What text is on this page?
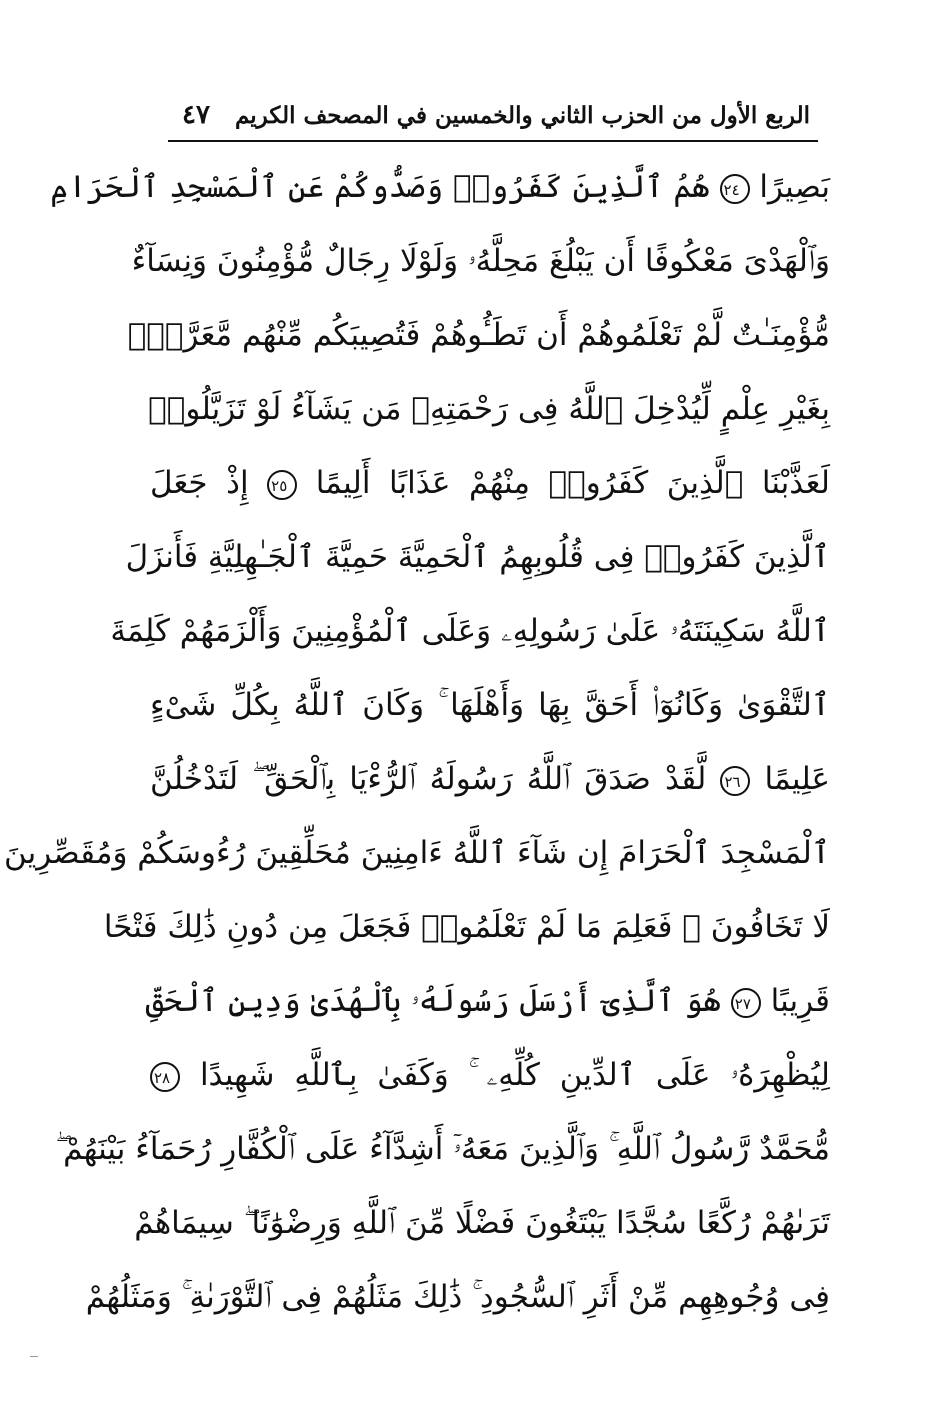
الربع الأول من الحزب الثاني والخمسين في المصحف الكريم
٤٧
بَصِيرًا ٢٤ هُمُ ٱلَّذِينَ كَفَرُوا۟ وَصَدُّوكُمْ عَنِ ٱلْمَسْجِدِ ٱلْحَرَامِ
وَٱلْهَدْىَ مَعْكُوفًا أَن يَبْلُغَ مَحِلَّهُۥ وَلَوْلَا رِجَالٌ مُّؤْمِنُونَ وَنِسَآءٌ
مُّؤْمِنَـٰتٌ لَّمْ تَعْلَمُوهُمْ أَن تَطَـُٔوهُمْ فَتُصِيبَكُم مِّنْهُم مَّعَرَّةٌۢ
بِغَيْرِ عِلْمٍ لِّيُدْخِلَ ٱللَّهُ فِى رَحْمَتِهِۦ مَن يَشَآءُ لَوْ تَزَيَّلُوا۟
لَعَذَّبْنَا ٱلَّذِينَ كَفَرُوا۟ مِنْهُمْ عَذَابًا أَلِيمًا ٢٥ إِذْ جَعَلَ
ٱلَّذِينَ كَفَرُوا۟ فِى قُلُوبِهِمُ ٱلْحَمِيَّةَ حَمِيَّةَ ٱلْجَـٰهِلِيَّةِ فَأَنزَلَ
ٱللَّهُ سَكِينَتَهُۥ عَلَىٰ رَسُولِهِۦ وَعَلَى ٱلْمُؤْمِنِينَ وَأَلْزَمَهُمْ كَلِمَةَ
ٱلتَّقْوَىٰ وَكَانُوٓا۟ أَحَقَّ بِهَا وَأَهْلَهَا ۚ وَكَانَ ٱللَّهُ بِكُلِّ شَىْءٍ
عَلِيمًا ٢٦ لَّقَدْ صَدَقَ ٱللَّهُ رَسُولَهُ ٱلرُّءْيَا بِٱلْحَقِّ ۖ لَتَدْخُلُنَّ
ٱلْمَسْجِدَ ٱلْحَرَامَ إِن شَآءَ ٱللَّهُ ءَامِنِينَ مُحَلِّقِينَ رُءُوسَكُمْ وَمُقَصِّرِينَ
لَا تَخَافُونَ ۖ فَعَلِمَ مَا لَمْ تَعْلَمُوا۟ فَجَعَلَ مِن دُونِ ذَٰلِكَ فَتْحًا
قَرِيبًا ٢٧ هُوَ ٱلَّذِىٓ أَرْسَلَ رَسُولَهُۥ بِٱلْهُدَىٰ وَدِينِ ٱلْحَقِّ
لِيُظْهِرَهُۥ عَلَى ٱلدِّينِ كُلِّهِۦ ۚ وَكَفَىٰ بِٱللَّهِ شَهِيدًا ٢٨
مُّحَمَّدٌ رَّسُولُ ٱللَّهِ ۚ وَٱلَّذِينَ مَعَهُۥٓ أَشِدَّآءُ عَلَى ٱلْكُفَّارِ رُحَمَآءُ بَيْنَهُمْ ۖ
تَرَىٰهُمْ رُكَّعًا سُجَّدًا يَبْتَغُونَ فَضْلًا مِّنَ ٱللَّهِ وَرِضْوَٰنًا ۖ سِيمَاهُمْ
فِى وُجُوهِهِم مِّنْ أَثَرِ ٱلسُّجُودِ ۚ ذَٰلِكَ مَثَلُهُمْ فِى ٱلتَّوْرَىٰةِ ۚ وَمَثَلُهُمْ
